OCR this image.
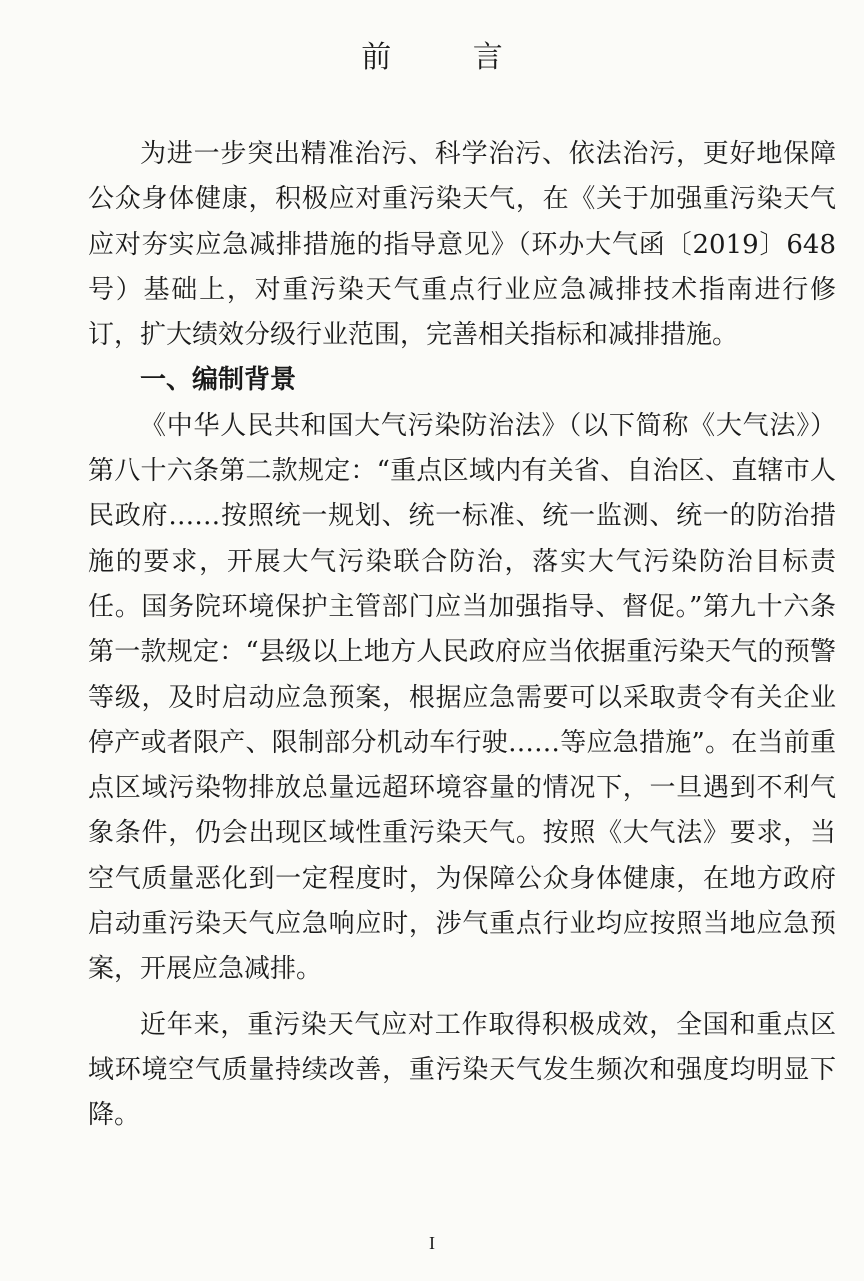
前 言

为进一步突出精准治污、科学治污、依法治污，更好地保障公众身体健康，积极应对重污染天气，在《关于加强重污染天气应对夯实应急减排措施的指导意见》（环办大气函〔2019〕648号）基础上，对重污染天气重点行业应急减排技术指南进行修订，扩大绩效分级行业范围，完善相关指标和减排措施。

一、编制背景

《中华人民共和国大气污染防治法》（以下简称《大气法》）第八十六条第二款规定：“重点区域内有关省、自治区、直辖市人民政府……按照统一规划、统一标准、统一监测、统一的防治措施的要求，开展大气污染联合防治，落实大气污染防治目标责任。国务院环境保护主管部门应当加强指导、督促。”第九十六条第一款规定：“县级以上地方人民政府应当依据重污染天气的预警等级，及时启动应急预案，根据应急需要可以采取责令有关企业停产或者限产、限制部分机动车行驶……等应急措施”。在当前重点区域污染物排放总量远超环境容量的情况下，一旦遇到不利气象条件，仍会出现区域性重污染天气。按照《大气法》要求，当空气质量恶化到一定程度时，为保障公众身体健康，在地方政府启动重污染天气应急响应时，涉气重点行业均应按照当地应急预案，开展应急减排。

近年来，重污染天气应对工作取得积极成效，全国和重点区域环境空气质量持续改善，重污染天气发生频次和强度均明显下降。

I
